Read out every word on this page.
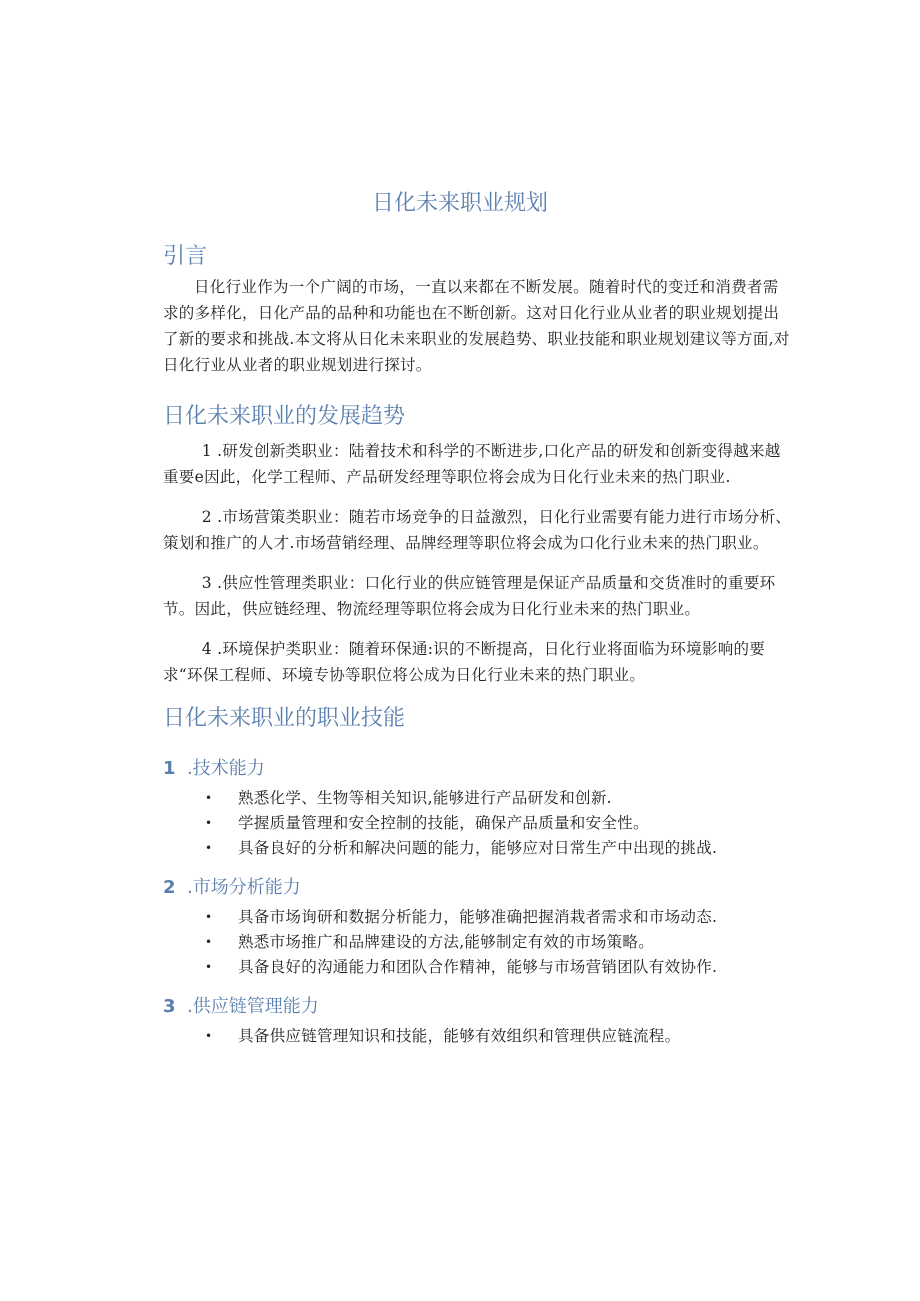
日化未来职业规划
引言

日化行业作为一个广阔的市场，一直以来都在不断发展。随着时代的变迁和消费者需求的多样化，日化产品的品种和功能也在不断创新。这对日化行业从业者的职业规划提出了新的要求和挑战.本文将从日化未来职业的发展趋势、职业技能和职业规划建议等方面,对日化行业从业者的职业规划进行探讨。

日化未来职业的发展趋势

1 .研发创新类职业：陆着技术和科学的不断进步,口化产品的研发和创新变得越来越重要e因此，化学工程师、产品研发经理等职位将会成为日化行业未来的热门职业.

2 .市场营策类职业：随若市场竞争的日益激烈，日化行业需要有能力进行市场分析、策划和推广的人才.市场营销经理、品牌经理等职位将会成为口化行业未来的热门职业。

3 .供应性管理类职业：口化行业的供应链管理是保证产品质量和交货准时的重要环节。因此，供应链经理、物流经理等职位将会成为日化行业未来的热门职业。

4 .环境保护类职业：随着环保通:识的不断提高，日化行业将面临为环境影响的要求“环保工程师、环境专协等职位将公成为日化行业未来的热门职业。

日化未来职业的职业技能
1 .技术能力
• 熟悉化学、生物等相关知识,能够进行产品研发和创新.
• 学握质量管理和安全控制的技能，确保产品质量和安全性。
• 具备良好的分析和解决问题的能力，能够应对日常生产中出现的挑战.
2 .市场分析能力
• 具备市场询研和数据分析能力，能够准确把握消栽者需求和市场动态.
• 熟悉市场推广和品牌建设的方法,能够制定有效的市场策略。
• 具备良好的沟通能力和团队合作精神，能够与市场营销团队有效协作.
3 .供应链管理能力
• 具备供应链管理知识和技能，能够有效组织和管理供应链流程。
